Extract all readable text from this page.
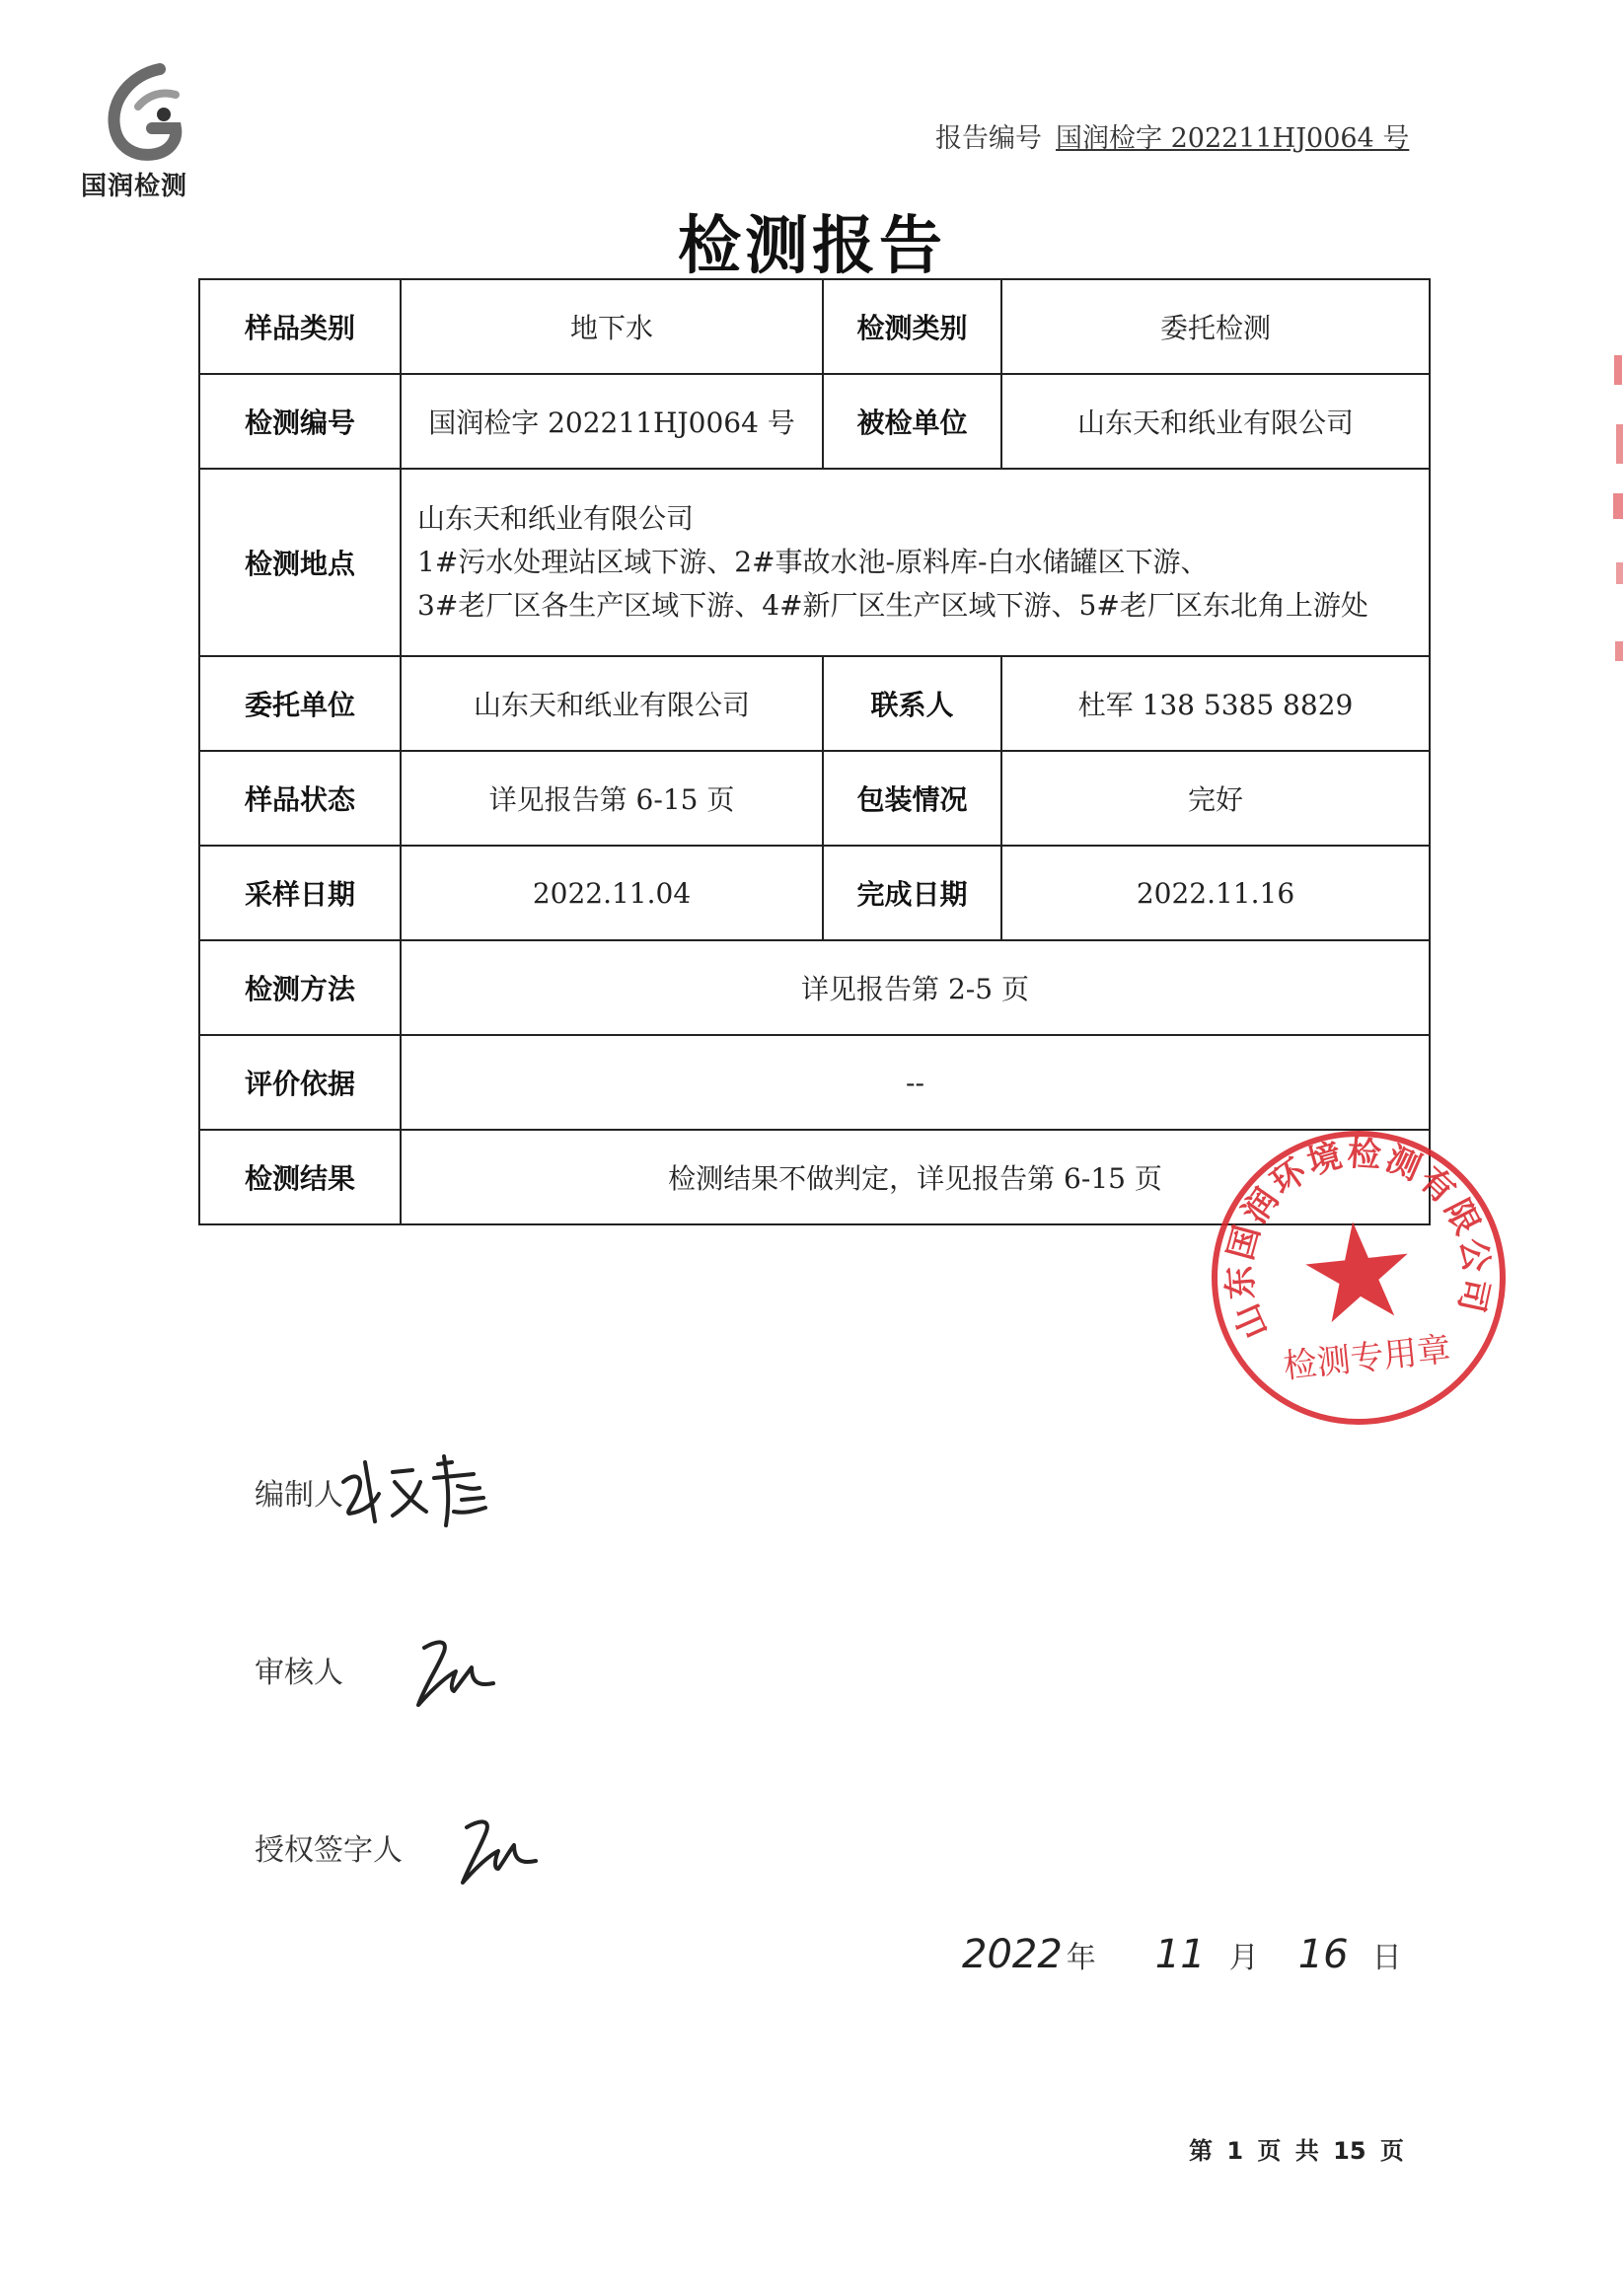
国润检测
报告编号 国润检字 202211HJ0064 号
检测报告
样品类别	地下水	检测类别	委托检测
检测编号	国润检字 202211HJ0064 号	被检单位	山东天和纸业有限公司
检测地点	山东天和纸业有限公司
1#污水处理站区域下游、2#事故水池-原料库-白水储罐区下游、
3#老厂区各生产区域下游、4#新厂区生产区域下游、5#老厂区东北角上游处		

委托单位	山东天和纸业有限公司	联系人	杜军 138 5385 8829
样品状态	详见报告第 6-15 页	包装情况	完好
采样日期	2022.11.04	完成日期	2022.11.16
检测方法	详见报告第 2-5 页		
评价依据	--		
检测结果	检测结果不做判定，详见报告第 6-15 页		
山东国润环境检测有限公司
检测专用章
编制人
审核人
授权签字人
2022 年 11 月 16 日
第 1 页 共 15 页
